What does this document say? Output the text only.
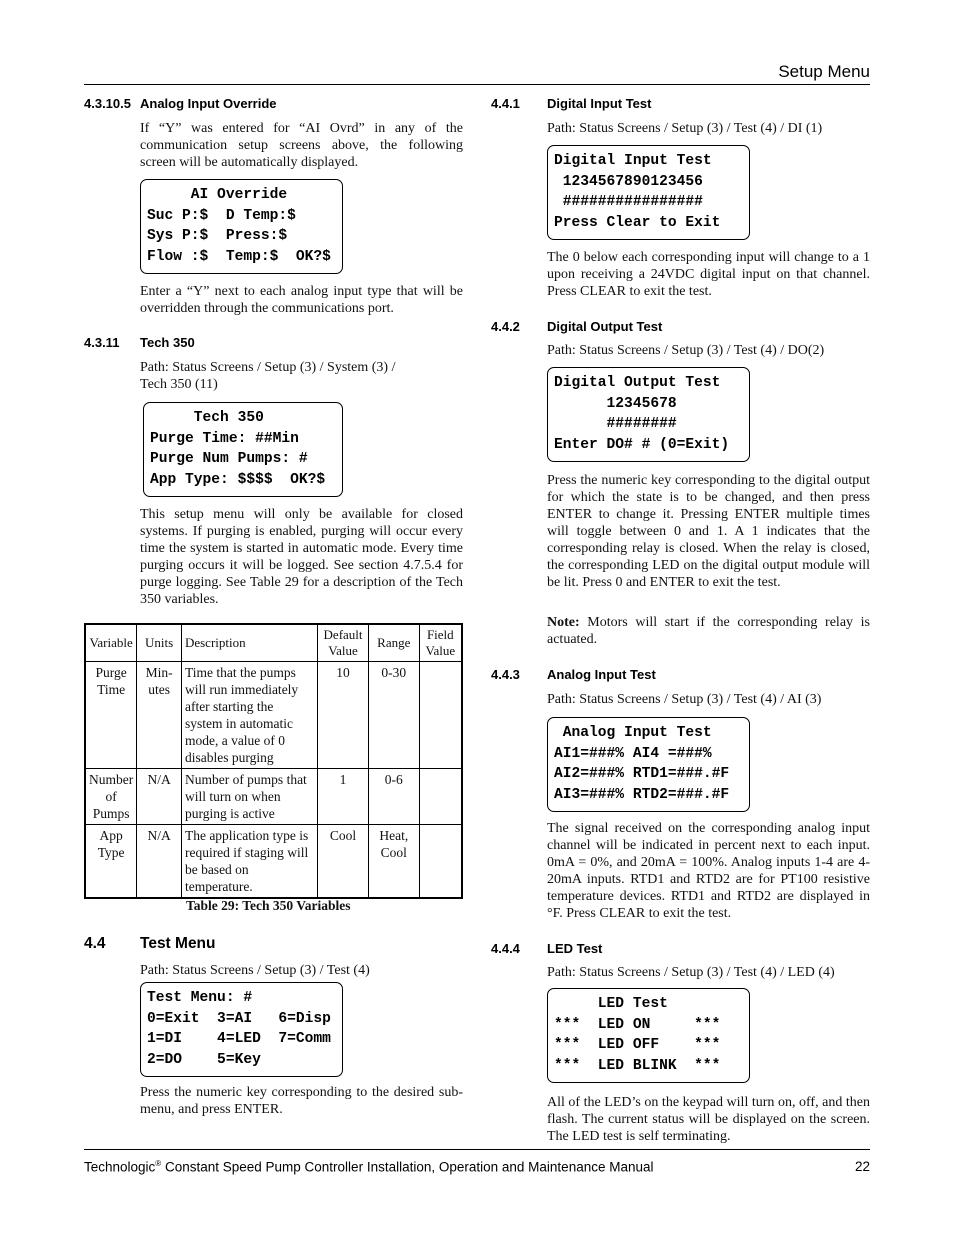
Setup Menu
4.3.10.5 Analog Input Override
If “Y” was entered for “AI Ovrd” in any of the communication setup screens above, the following screen will be automatically displayed.
AI Override
Suc P:$  D Temp:$
Sys P:$  Press:$
Flow :$  Temp:$  OK?$
Enter a “Y” next to each analog input type that will be overridden through the communications port.
4.3.11 Tech 350
Path: Status Screens / Setup (3) / System (3) / Tech 350 (11)
Tech 350
Purge Time: ##Min
Purge Num Pumps: #
App Type: $$$$  OK?$
This setup menu will only be available for closed systems. If purging is enabled, purging will occur every time the system is started in automatic mode. Every time purging occurs it will be logged. See section 4.7.5.4 for purge logging. See Table 29 for a description of the Tech 350 variables.
Variable	Units	Description	Default Value	Range	Field Value
Purge Time	Min-utes	Time that the pumps will run immediately after starting the system in automatic mode, a value of 0 disables purging	10	0-30	
Number of Pumps	N/A	Number of pumps that will turn on when purging is active	1	0-6	
App Type	N/A	The application type is required if staging will be based on temperature.	Cool	Heat, Cool	
Table 29: Tech 350 Variables
4.4 Test Menu
Path: Status Screens / Setup (3) / Test (4)
Test Menu: #
0=Exit  3=AI   6=Disp
1=DI    4=LED  7=Comm
2=DO    5=Key
Press the numeric key corresponding to the desired sub-menu, and press ENTER.
4.4.1 Digital Input Test
Path: Status Screens / Setup (3) / Test (4) / DI (1)
Digital Input Test
1234567890123456
################
Press Clear to Exit
The 0 below each corresponding input will change to a 1 upon receiving a 24VDC digital input on that channel. Press CLEAR to exit the test.
4.4.2 Digital Output Test
Path: Status Screens / Setup (3) / Test (4) / DO(2)
Digital Output Test
12345678
########
Enter DO# # (0=Exit)
Press the numeric key corresponding to the digital output for which the state is to be changed, and then press ENTER to change it. Pressing ENTER multiple times will toggle between 0 and 1. A 1 indicates that the corresponding relay is closed. When the relay is closed, the corresponding LED on the digital output module will be lit. Press 0 and ENTER to exit the test.
Note: Motors will start if the corresponding relay is actuated.
4.4.3 Analog Input Test
Path: Status Screens / Setup (3) / Test (4) / AI (3)
Analog Input Test
AI1=###% AI4 =###%
AI2=###% RTD1=###.#F
AI3=###% RTD2=###.#F
The signal received on the corresponding analog input channel will be indicated in percent next to each input. 0mA = 0%, and 20mA = 100%. Analog inputs 1-4 are 4-20mA inputs. RTD1 and RTD2 are for PT100 resistive temperature devices. RTD1 and RTD2 are displayed in °F. Press CLEAR to exit the test.
4.4.4 LED Test
Path: Status Screens / Setup (3) / Test (4) / LED (4)
LED Test
***  LED ON     ***
***  LED OFF    ***
***  LED BLINK  ***
All of the LED’s on the keypad will turn on, off, and then flash. The current status will be displayed on the screen. The LED test is self terminating.
Technologic® Constant Speed Pump Controller Installation, Operation and Maintenance Manual	22
